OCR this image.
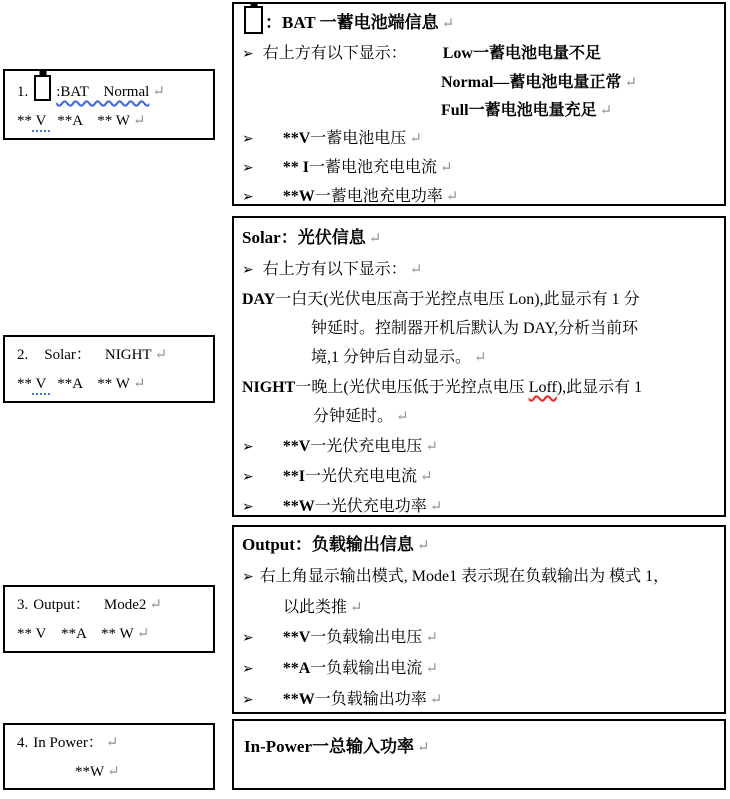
1. :BAT    Normal ↵
** V   **A    ** W ↵
2. Solar： NIGHT ↵
** V   **A    ** W ↵
3. Output： Mode2 ↵
** V    **A    ** W ↵
4. In Power： ↵
**W ↵
：BAT 一蓄电池端信息 ↵
➢ 右上方有以下显示： Low一蓄电池电量不足
Normal—蓄电池电量正常 ↵
Full一蓄电池电量充足 ↵
➢ **V一蓄电池电压 ↵
➢ ** I一蓄电池充电电流 ↵
➢ **W一蓄电池充电功率 ↵
Solar：光伏信息 ↵
➢ 右上方有以下显示： ↵
DAY一白天(光伏电压高于光控点电压 Lon),此显示有 1 分
钟延时。控制器开机后默认为 DAY,分析当前环
境,1 分钟后自动显示。 ↵
NIGHT一晚上(光伏电压低于光控点电压 Loff),此显示有 1
分钟延时。 ↵
➢ **V一光伏充电电压 ↵
➢ **I一光伏充电电流 ↵
➢ **W一光伏充电功率 ↵
Output：负载输出信息 ↵
➢ 右上角显示输出模式, Mode1 表示现在负载输出为 模式 1，
以此类推 ↵
➢ **V一负载输出电压 ↵
➢ **A一负载输出电流 ↵
➢ **W一负载输出功率 ↵
In-Power一总输入功率 ↵
